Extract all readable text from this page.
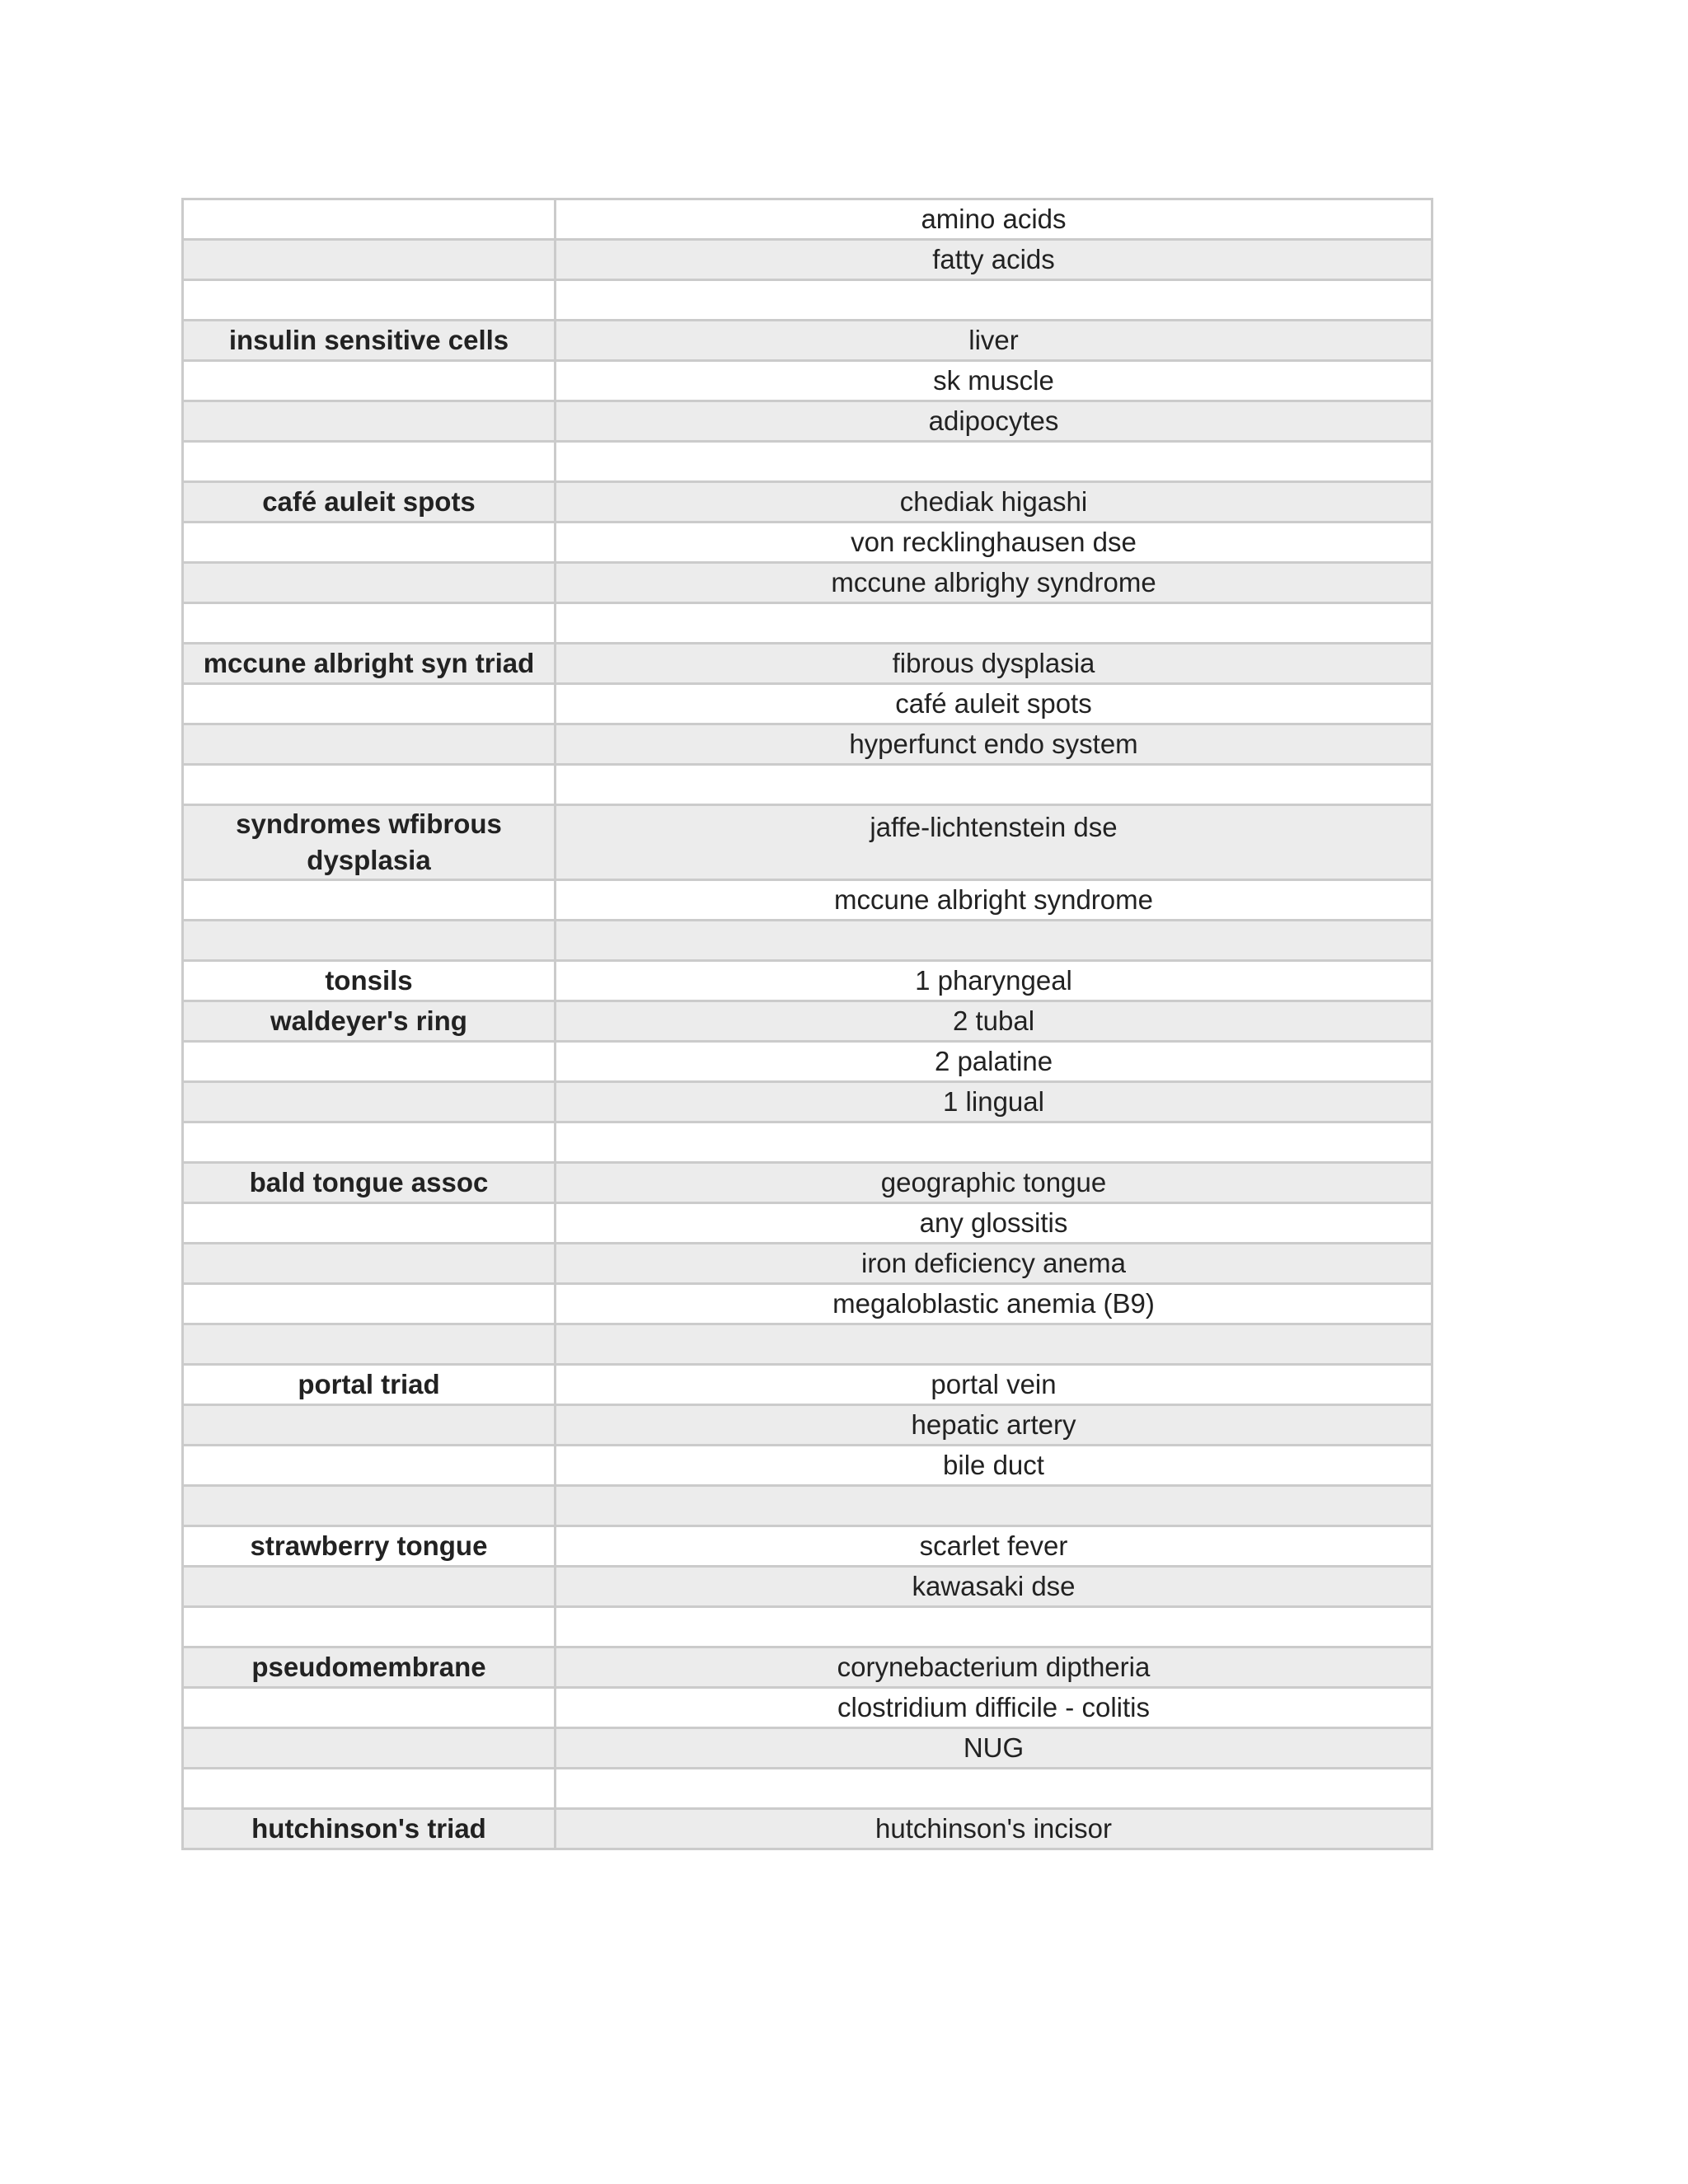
	amino acids
	fatty acids

insulin sensitive cells	liver
	sk muscle
	adipocytes

café auleit spots	chediak higashi
	von recklinghausen dse
	mccune albrighy syndrome

mccune albright syn triad	fibrous dysplasia
	café auleit spots
	hyperfunct endo system

syndromes wfibrous dysplasia	jaffe-lichtenstein dse
	mccune albright syndrome

tonsils	1 pharyngeal
waldeyer's ring	2 tubal
	2 palatine
	1 lingual

bald tongue assoc	geographic tongue
	any glossitis
	iron deficiency anema
	megaloblastic anemia (B9)

portal triad	portal vein
	hepatic artery
	bile duct

strawberry tongue	scarlet fever
	kawasaki dse

pseudomembrane	corynebacterium diptheria
	clostridium difficile - colitis
	NUG

hutchinson's triad	hutchinson's incisor
